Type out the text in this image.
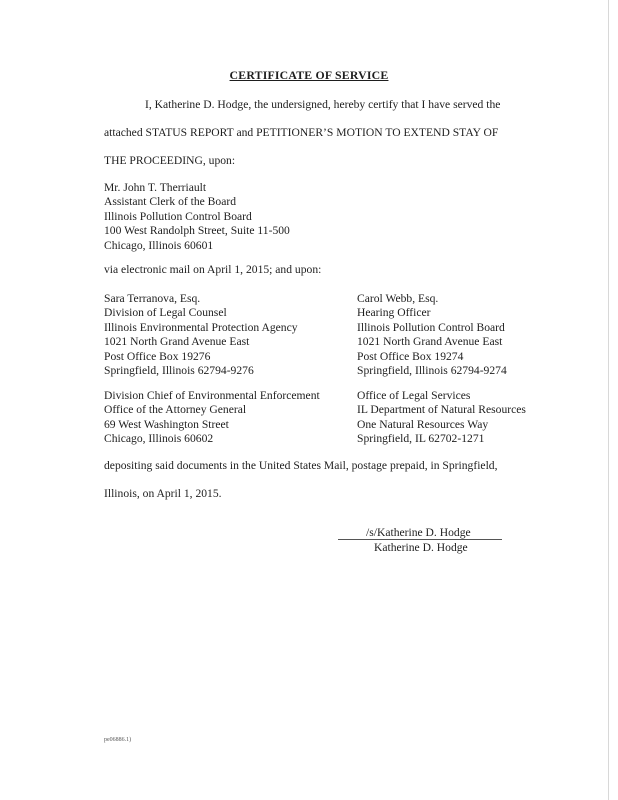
CERTIFICATE OF SERVICE
I, Katherine D. Hodge, the undersigned, hereby certify that I have served the
attached STATUS REPORT and PETITIONER’S MOTION TO EXTEND STAY OF
THE PROCEEDING, upon:
Mr. John T. Therriault
Assistant Clerk of the Board
Illinois Pollution Control Board
100 West Randolph Street, Suite 11-500
Chicago, Illinois 60601
via electronic mail on April 1, 2015; and upon:
Sara Terranova, Esq.
Division of Legal Counsel
Illinois Environmental Protection Agency
1021 North Grand Avenue East
Post Office Box 19276
Springfield, Illinois 62794-9276
Carol Webb, Esq.
Hearing Officer
Illinois Pollution Control Board
1021 North Grand Avenue East
Post Office Box 19274
Springfield, Illinois 62794-9274
Division Chief of Environmental Enforcement
Office of the Attorney General
69 West Washington Street
Chicago, Illinois 60602
Office of Legal Services
IL Department of Natural Resources
One Natural Resources Way
Springfield, IL 62702-1271
depositing said documents in the United States Mail, postage prepaid, in Springfield,
Illinois, on April 1, 2015.
/s/Katherine D. Hodge
Katherine D. Hodge
pe06886.1)
